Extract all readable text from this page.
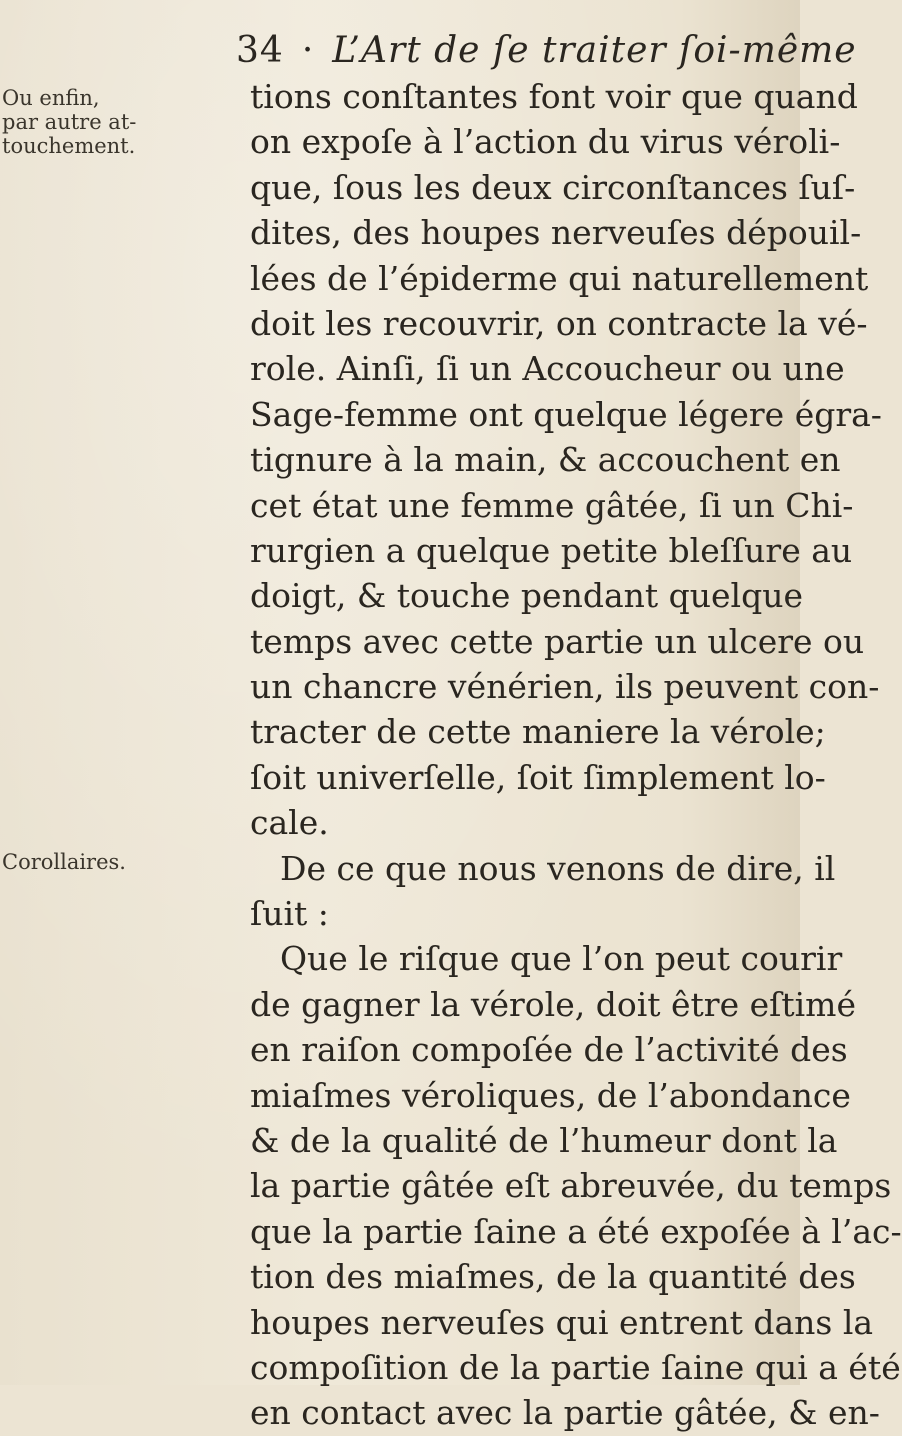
34 · L’Art de ſe traiter ſoi-même
Ou enfin,
par autre at-
touchement.
Corollaires.
tions conſtantes font voir que quand
on expoſe à l’action du virus véroli-
que, ſous les deux circonſtances ſuſ-
dites, des houpes nerveuſes dépouil-
lées de l’épiderme qui naturellement
doit les recouvrir, on contracte la vé-
role. Ainſi, ſi un Accoucheur ou une
Sage-femme ont quelque légere égra-
tignure à la main, & accouchent en
cet état une femme gâtée, ſi un Chi-
rurgien a quelque petite bleſſure au
doigt, & touche pendant quelque
temps avec cette partie un ulcere ou
un chancre vénérien, ils peuvent con-
tracter de cette maniere la vérole;
ſoit univerſelle, ſoit ſimplement lo-
cale.
De ce que nous venons de dire, il
ſuit :
Que le riſque que l’on peut courir
de gagner la vérole, doit être eſtimé
en raiſon compoſée de l’activité des
miaſmes véroliques, de l’abondance
& de la qualité de l’humeur dont la
la partie gâtée eſt abreuvée, du temps
que la partie ſaine a été expoſée à l’ac-
tion des miaſmes, de la quantité des
houpes nerveuſes qui entrent dans la
compoſition de la partie ſaine qui a été
en contact avec la partie gâtée, & en-
